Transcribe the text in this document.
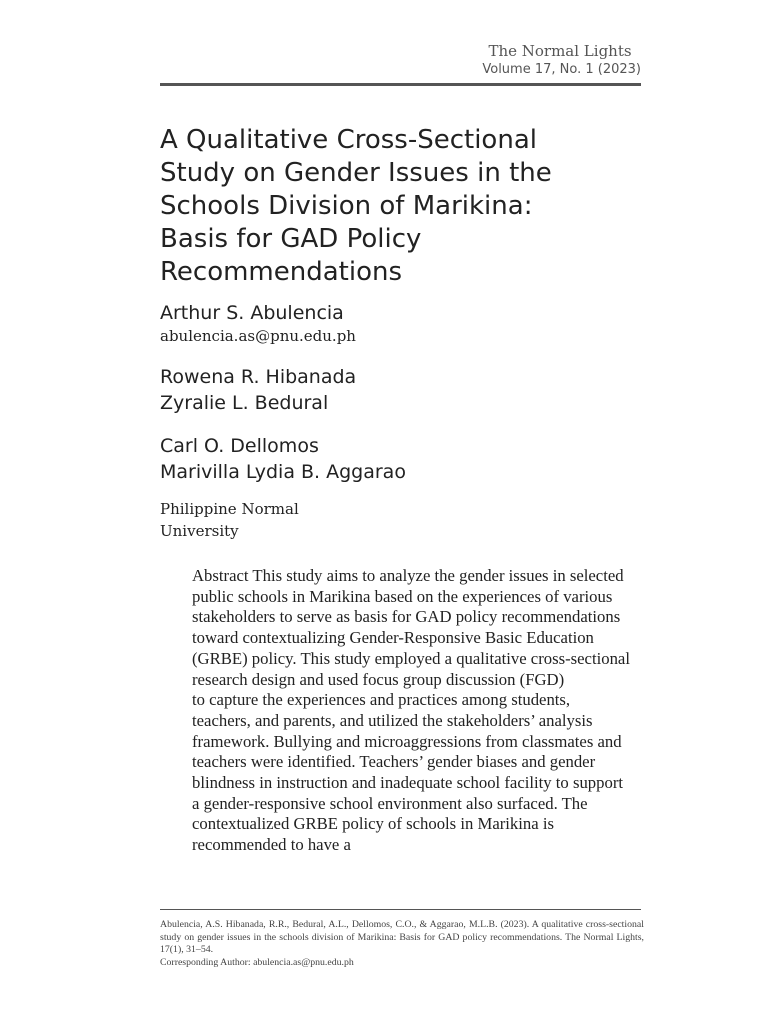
The Normal Lights
Volume 17, No. 1 (2023)
A Qualitative Cross-Sectional Study on Gender Issues in the Schools Division of Marikina: Basis for GAD Policy Recommendations
Arthur S. Abulencia
abulencia.as@pnu.edu.ph
Rowena R. Hibanada
Zyralie L. Bedural
Carl O. Dellomos
Marivilla Lydia B. Aggarao
Philippine Normal University

Abstract This study aims to analyze the gender issues in selected public schools in Marikina based on the experiences of various stakeholders to serve as basis for GAD policy recommendations toward contextualizing Gender-Responsive Basic Education (GRBE) policy. This study employed a qualitative cross-sectional research design and used focus group discussion (FGD)

to capture the experiences and practices among students, teachers, and parents, and utilized the stakeholders’ analysis framework. Bullying and microaggressions from classmates and teachers were identified. Teachers’ gender biases and gender blindness in instruction and inadequate school facility to support a gender-responsive school environment also surfaced. The contextualized GRBE policy of schools in Marikina is recommended to have a

Abulencia, A.S. Hibanada, R.R., Bedural, A.L., Dellomos, C.O., & Aggarao, M.L.B. (2023). A qualitative cross-sectional study on gender issues in the schools division of Marikina: Basis for GAD policy recommendations. The Normal Lights, 17(1), 31–54.
Corresponding Author: abulencia.as@pnu.edu.ph
